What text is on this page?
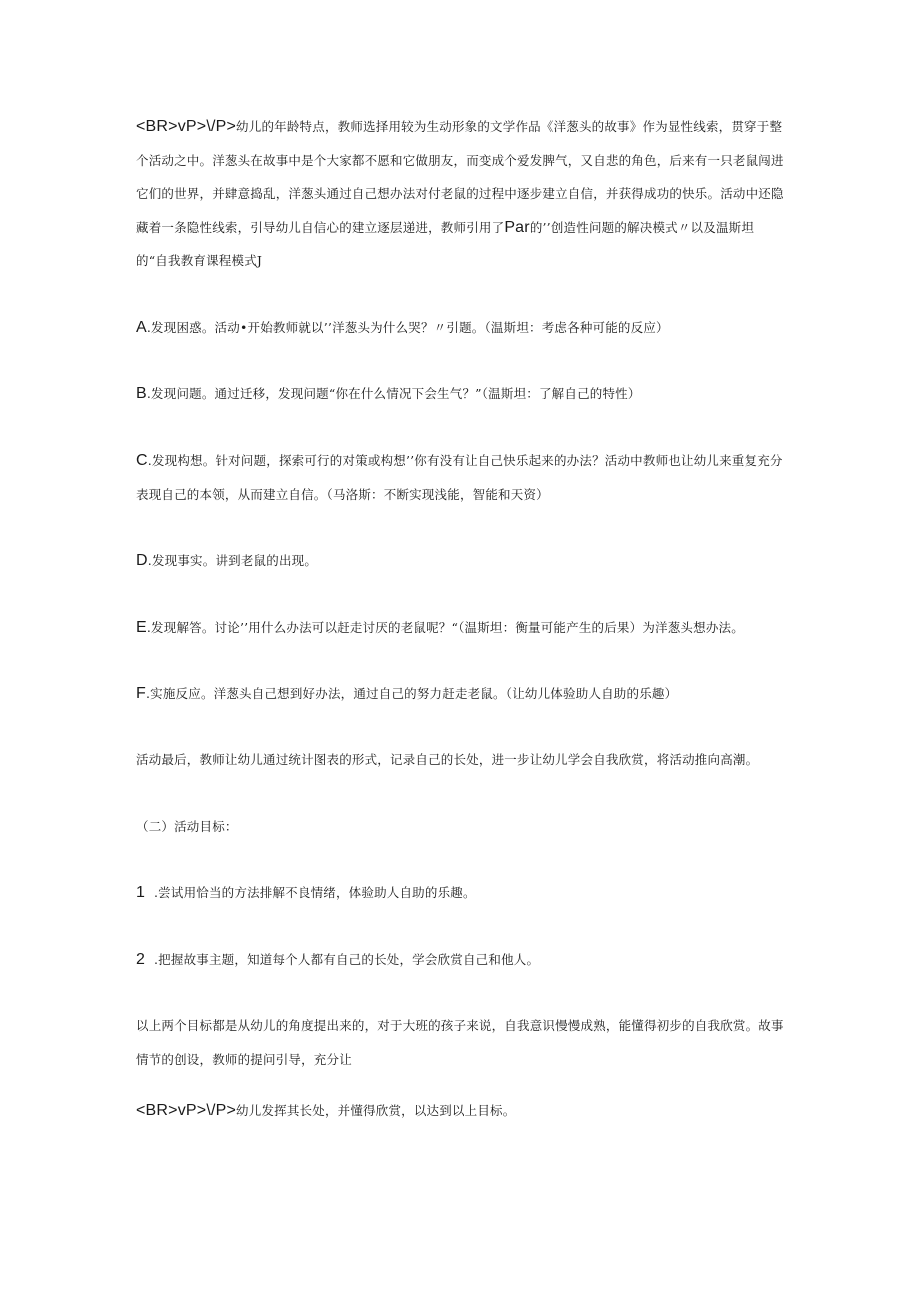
<BR>vP>\/P>幼儿的年龄特点，教师选择用较为生动形象的文学作品《洋葱头的故事》作为显性线索，贯穿于整个活动之中。洋葱头在故事中是个大家都不愿和它做朋友，而变成个爱发脾气，又自悲的角色，后来有一只老鼠闯进它们的世界，并肆意捣乱，洋葱头通过自己想办法对付老鼠的过程中逐步建立自信，并获得成功的快乐。活动中还隐藏着一条隐性线索，引导幼儿自信心的建立逐层递进，教师引用了Par的’’创造性问题的解决模式〃以及温斯坦的“自我教育课程模式J

A.发现困惑。活动•开始教师就以’’洋葱头为什么哭？〃引题。（温斯坦：考虑各种可能的反应）

B.发现问题。通过迁移，发现问题“你在什么情况下会生气？”（温斯坦：了解自己的特性）

C.发现构想。针对问题，探索可行的对策或构想’’你有没有让自己快乐起来的办法？活动中教师也让幼儿来重复充分表现自己的本领，从而建立自信。（马洛斯：不断实现浅能，智能和天资）

D.发现事实。讲到老鼠的出现。

E.发现解答。讨论’’用什么办法可以赶走讨厌的老鼠呢？“（温斯坦：衡量可能产生的后果）为洋葱头想办法。

F.实施反应。洋葱头自己想到好办法，通过自己的努力赶走老鼠。（让幼儿体验助人自助的乐趣）

活动最后，教师让幼儿通过统计图表的形式，记录自己的长处，进一步让幼儿学会自我欣赏，将活动推向高潮。

（二）活动目标：

1 .尝试用恰当的方法排解不良情绪，体验助人自助的乐趣。

2 .把握故事主题，知道每个人都有自己的长处，学会欣赏自己和他人。

以上两个目标都是从幼儿的角度提出来的，对于大班的孩子来说，自我意识慢慢成熟，能懂得初步的自我欣赏。故事情节的创设，教师的提问引导，充分让

<BR>vP>\/P>幼儿发挥其长处，并懂得欣赏，以达到以上目标。
